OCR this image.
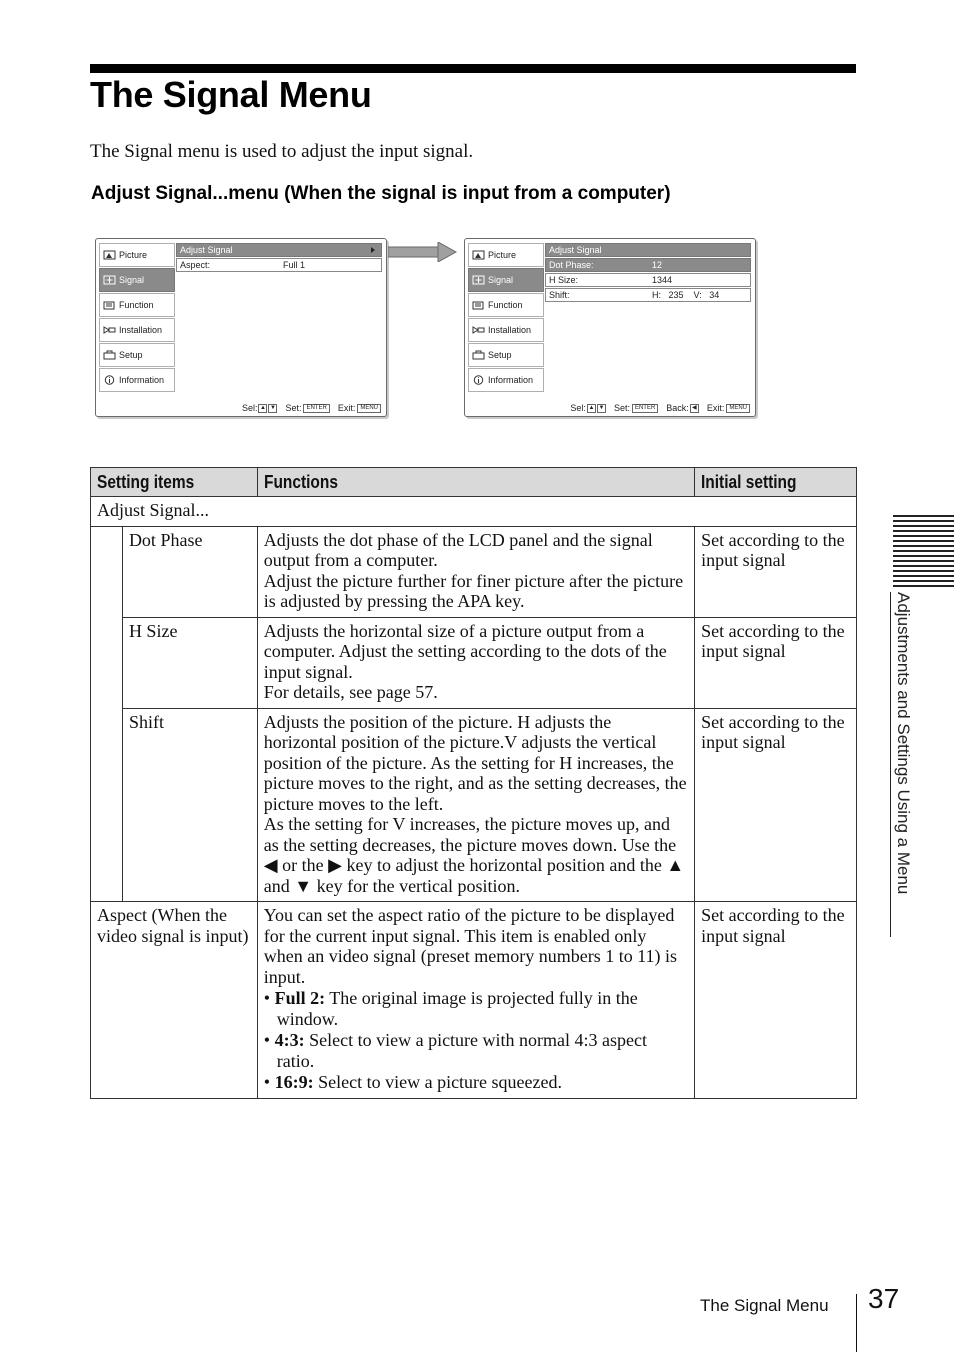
The Signal Menu
The Signal menu is used to adjust the input signal.
Adjust Signal...menu (When the signal is input from a computer)
Picture
Signal
Function
Installation
Setup
Information
Adjust Signal
Aspect:	Full 1
Sel: ▲ ▼ Set: ENTER	Exit: MENU
Picture
Signal
Function
Installation
Setup
Information
Adjust Signal
Dot Phase:	12
H Size:	1344
Shift:	H:   235    V:   34
Sel: ▲ ▼ Set: ENTER	Back: ◀ Exit: MENU
Setting items		Functions	Initial setting
Adjust Signal...			
	Dot Phase	Adjusts the dot phase of the LCD panel and the signal output from a computer.
Adjust the picture further for finer picture after the picture is adjusted by pressing the APA key.	Set according to the input signal
	H Size	Adjusts the horizontal size of a picture output from a computer. Adjust the setting according to the dots of the input signal.
For details, see page 57.	Set according to the input signal
	Shift	Adjusts the position of the picture. H adjusts the horizontal position of the picture.V adjusts the vertical position of the picture. As the setting for H increases, the picture moves to the right, and as the setting decreases, the picture moves to the left.
As the setting for V increases, the picture moves up, and as the setting decreases, the picture moves down. Use the ◀ or the ▶ key to adjust the horizontal position and the ▲ and ▼ key for the vertical position.	Set according to the input signal
Aspect (When the video signal is input)		You can set the aspect ratio of the picture to be displayed for the current input signal. This item is enabled only when an video signal (preset memory numbers 1 to 11) is input.
• Full 2: The original image is projected fully in the window.
• 4:3: Select to view a picture with normal 4:3 aspect ratio.
• 16:9: Select to view a picture squeezed.	Set according to the input signal
Adjustments and Settings Using a Menu
The Signal Menu 37
